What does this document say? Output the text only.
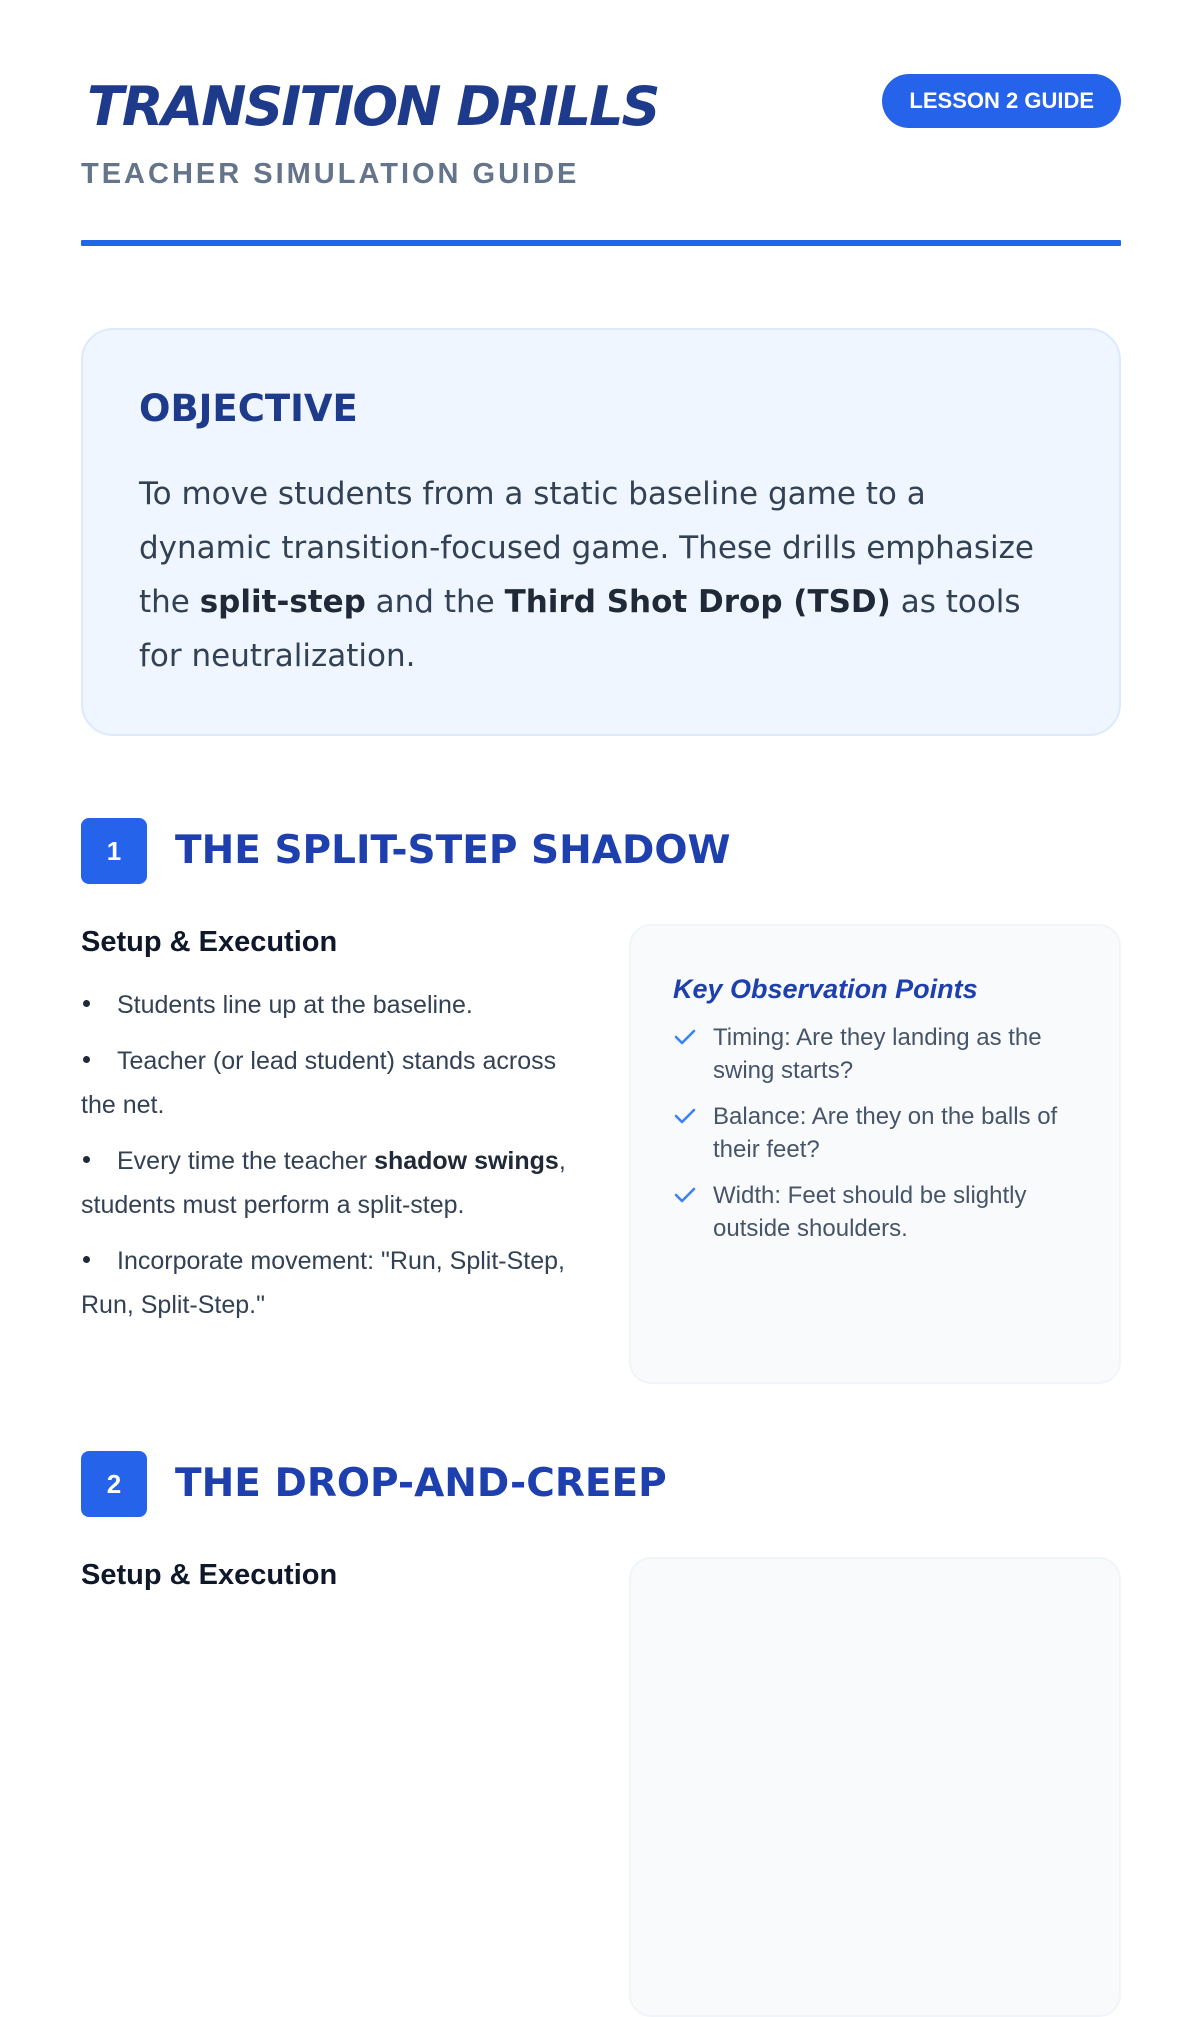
TRANSITION DRILLS
TEACHER SIMULATION GUIDE
LESSON 2 GUIDE
OBJECTIVE

To move students from a static baseline game to a dynamic transition-focused game. These drills emphasize the split-step and the Third Shot Drop (TSD) as tools for neutralization.

1	THE SPLIT-STEP SHADOW
Setup & Execution
Students line up at the baseline.
Teacher (or lead student) stands across the net.
Every time the teacher shadow swings, students must perform a split-step.
Incorporate movement: "Run, Split-Step, Run, Split-Step."
Key Observation Points
Timing: Are they landing as the swing starts?
Balance: Are they on the balls of their feet?
Width: Feet should be slightly outside shoulders.
2	THE DROP-AND-CREEP
Setup & Execution
